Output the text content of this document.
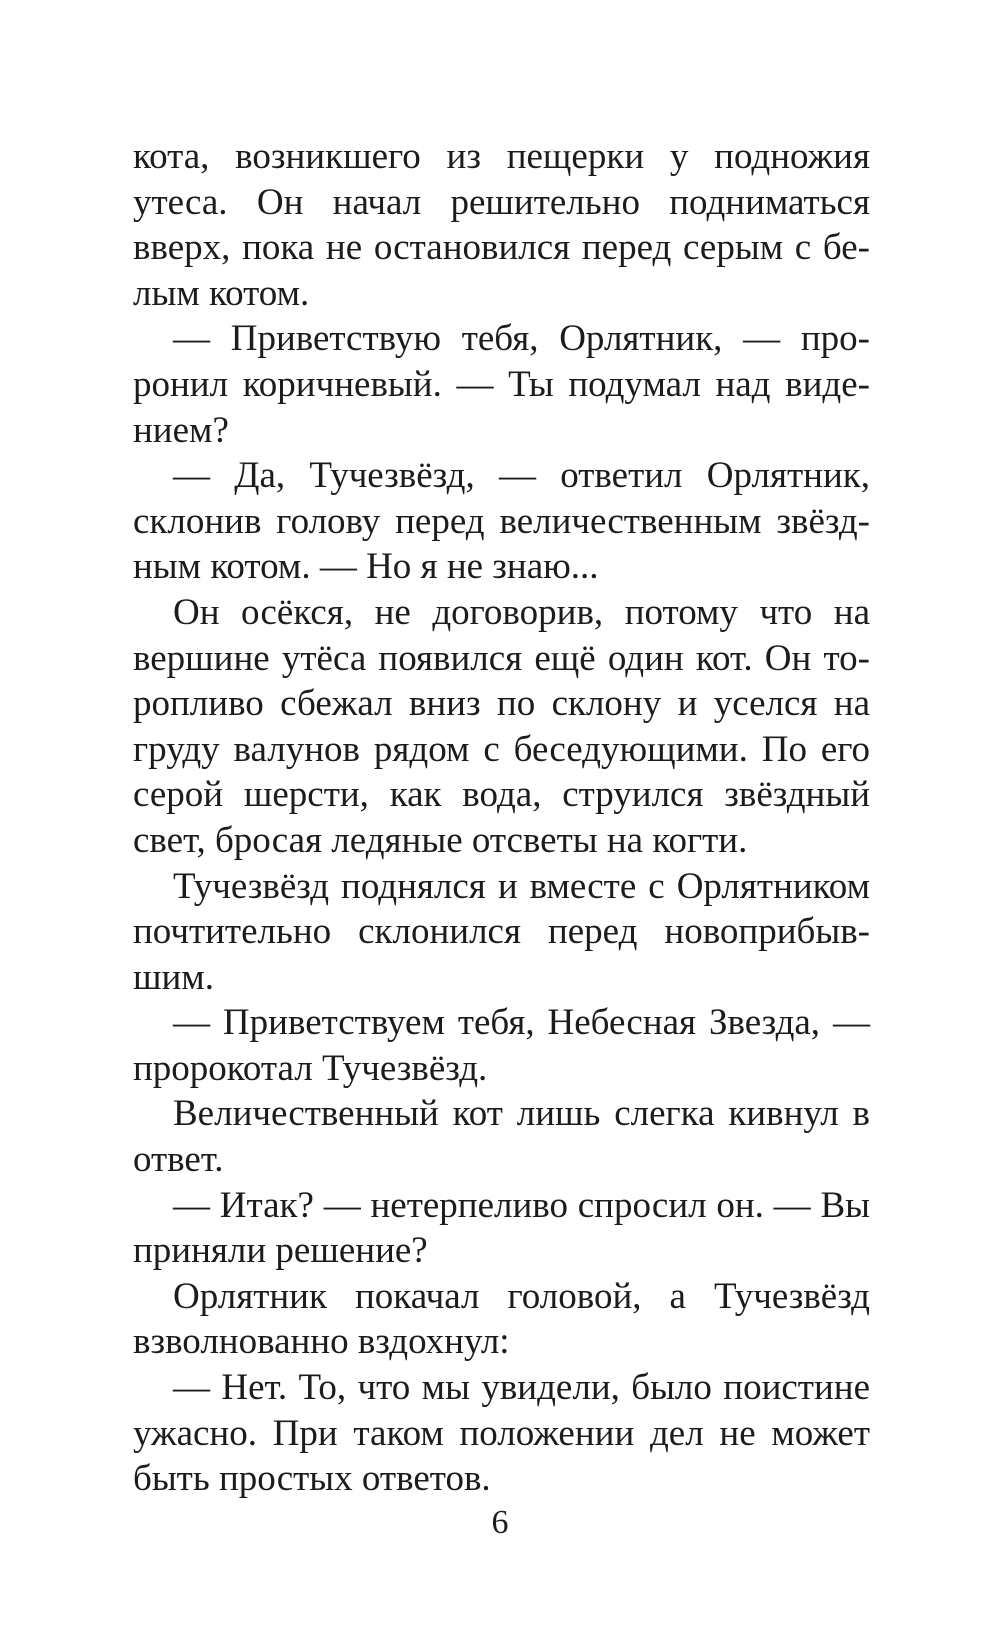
кота, возникшего из пещерки у подножия
утеса. Он начал решительно подниматься
вверх, пока не остановился перед серым с бе-
лым котом.
— Приветствую тебя, Орлятник, — про-
ронил коричневый. — Ты подумал над виде-
нием?
— Да, Тучезвёзд, — ответил Орлятник,
склонив голову перед величественным звёзд-
ным котом. — Но я не знаю...
Он осёкся, не договорив, потому что на
вершине утёса появился ещё один кот. Он то-
ропливо сбежал вниз по склону и уселся на
груду валунов рядом с беседующими. По его
серой шерсти, как вода, струился звёздный
свет, бросая ледяные отсветы на когти.
Тучезвёзд поднялся и вместе с Орлятником
почтительно склонился перед новоприбыв-
шим.
— Приветствуем тебя, Небесная Звезда, —
пророкотал Тучезвёзд.
Величественный кот лишь слегка кивнул в
ответ.
— Итак? — нетерпеливо спросил он. — Вы
приняли решение?
Орлятник покачал головой, а Тучезвёзд
взволнованно вздохнул:
— Нет. То, что мы увидели, было поистине
ужасно. При таком положении дел не может
быть простых ответов.
6
